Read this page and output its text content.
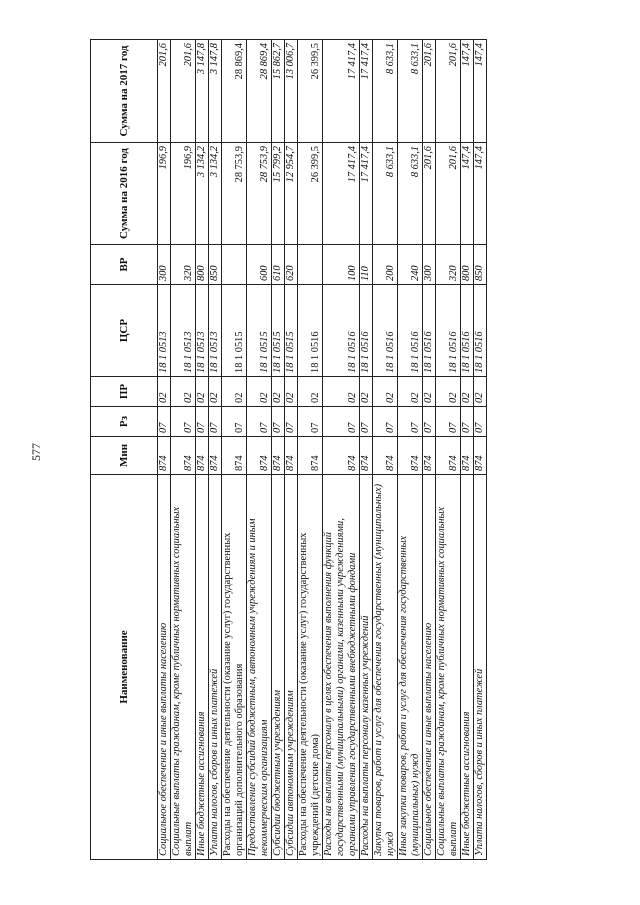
577
Наименование	Мин	Рз	ПР	ЦСР	ВР	Сумма на 2016 год	Сумма на 2017 год
Социальное обеспечение и иные выплаты населению	874	07	02	18 1 0513	300	196,9	201,6
Социальные выплаты гражданам, кроме публичных нормативных социальных выплат	874	07	02	18 1 0513	320	196,9	201,6
Иные бюджетные ассигнования	874	07	02	18 1 0513	800	3 134,2	3 147,8
Уплата налогов, сборов и иных платежей	874	07	02	18 1 0513	850	3 134,2	3 147,8
Расходы на обеспечение деятельности (оказание услуг) государственных организаций дополнительного образования	874	07	02	18 1 0515		28 753,9	28 869,4
Предоставление субсидий бюджетным, автономным учреждениям и иным некоммерческим организациям	874	07	02	18 1 0515	600	28 753,9	28 869,4
Субсидии бюджетным учреждениям	874	07	02	18 1 0515	610	15 799,2	15 862,7
Субсидии автономным учреждениям	874	07	02	18 1 0515	620	12 954,7	13 006,7
Расходы на обеспечение деятельности (оказание услуг) государственных учреждений (детские дома)	874	07	02	18 1 0516		26 399,5	26 399,5
Расходы на выплаты персоналу в целях обеспечения выполнения функций государственными (муниципальными) органами, казенными учреждениями, органами управления государственными внебюджетными фондами	874	07	02	18 1 0516	100	17 417,4	17 417,4
Расходы на выплаты персоналу казенных учреждений	874	07	02	18 1 0516	110	17 417,4	17 417,4
Закупка товаров, работ и услуг для обеспечения государственных (муниципальных) нужд	874	07	02	18 1 0516	200	8 633,1	8 633,1
Иные закупки товаров, работ и услуг для обеспечения государственных (муниципальных) нужд	874	07	02	18 1 0516	240	8 633,1	8 633,1
Социальное обеспечение и иные выплаты населению	874	07	02	18 1 0516	300	201,6	201,6
Социальные выплаты гражданам, кроме публичных нормативных социальных выплат	874	07	02	18 1 0516	320	201,6	201,6
Иные бюджетные ассигнования	874	07	02	18 1 0516	800	147,4	147,4
Уплата налогов, сборов и иных платежей	874	07	02	18 1 0516	850	147,4	147,4
